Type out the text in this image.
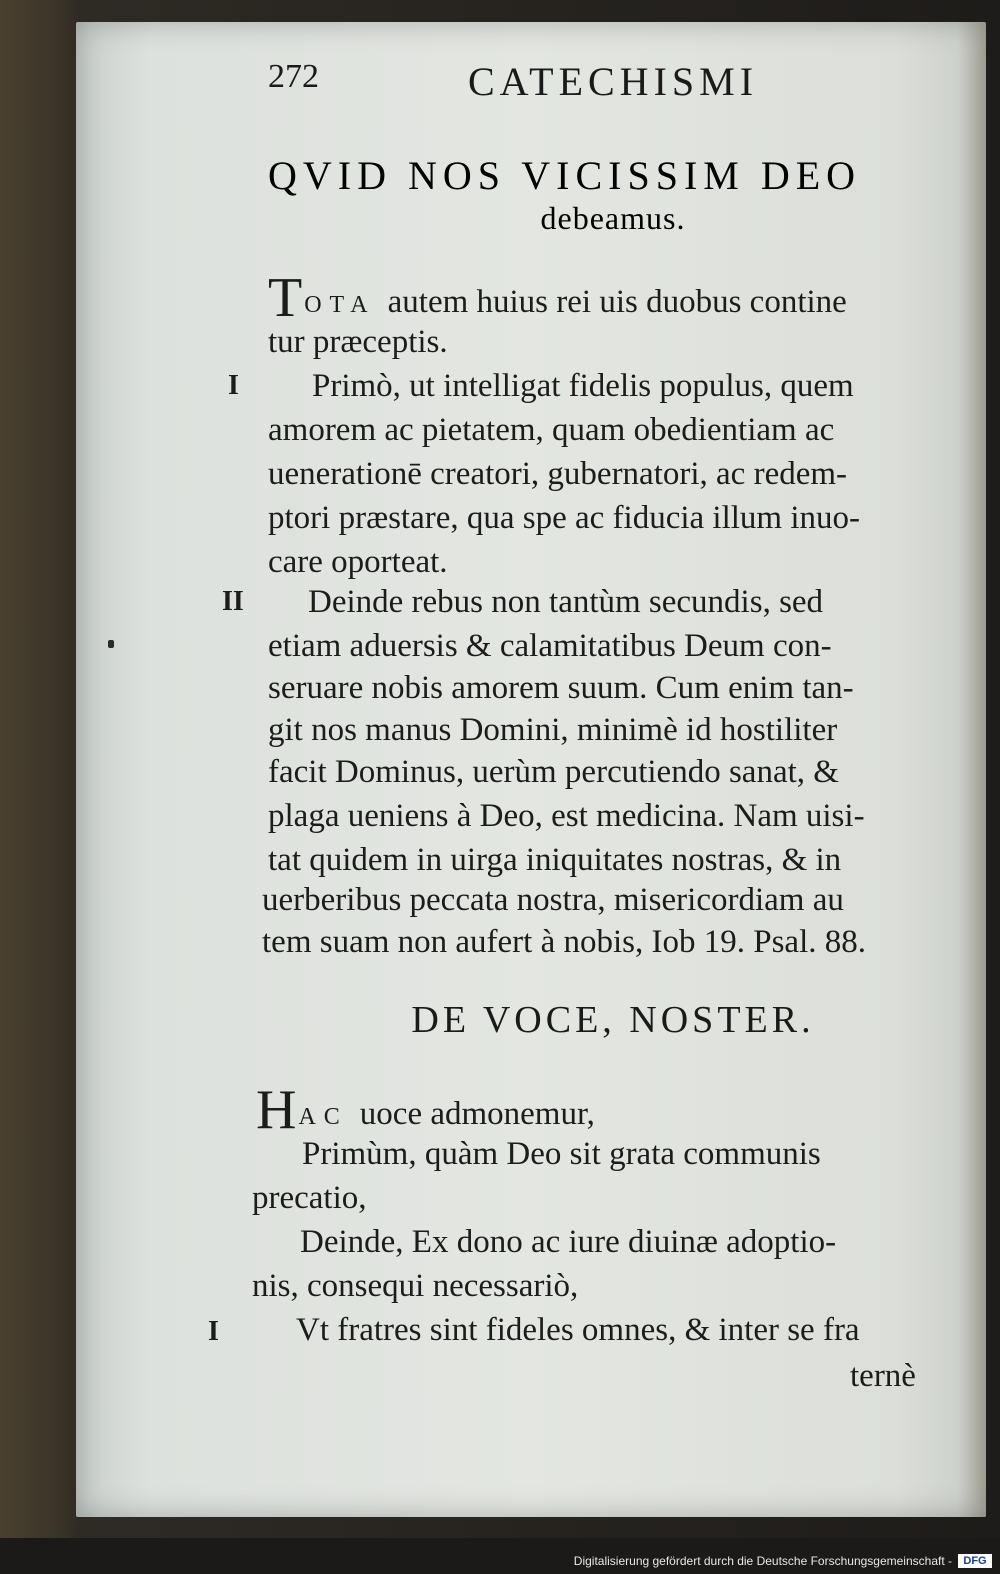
272	CATECHISMI
QVID NOS VICISSIM DEO
debeamus.
TOTA autem huius rei uis duobus contine
tur præceptis.
I Primò, ut intelligat fidelis populus, quem
amorem ac pietatem, quam obedientiam ac
uenerationē creatori, gubernatori, ac redem-
ptori præstare, qua spe ac fiducia illum inuo-
care oporteat.
II Deinde rebus non tantùm secundis, sed
etiam aduersis & calamitatibus Deum con-
seruare nobis amorem suum. Cum enim tan-
git nos manus Domini, minimè id hostiliter
facit Dominus, uerùm percutiendo sanat, &
plaga ueniens à Deo, est medicina. Nam uisi-
tat quidem in uirga iniquitates nostras, & in
uerberibus peccata nostra, misericordiam au
tem suam non aufert à nobis, Iob 19. Psal. 88.
DE VOCE, NOSTER.
HAC uoce admonemur,
Primùm, quàm Deo sit grata communis
precatio,
Deinde, Ex dono ac iure diuinæ adoptio-
nis, consequi necessariò,
I Vt fratres sint fideles omnes, & inter se fra
ternè
Digitalisierung gefördert durch die Deutsche Forschungsgemeinschaft -	DFG
